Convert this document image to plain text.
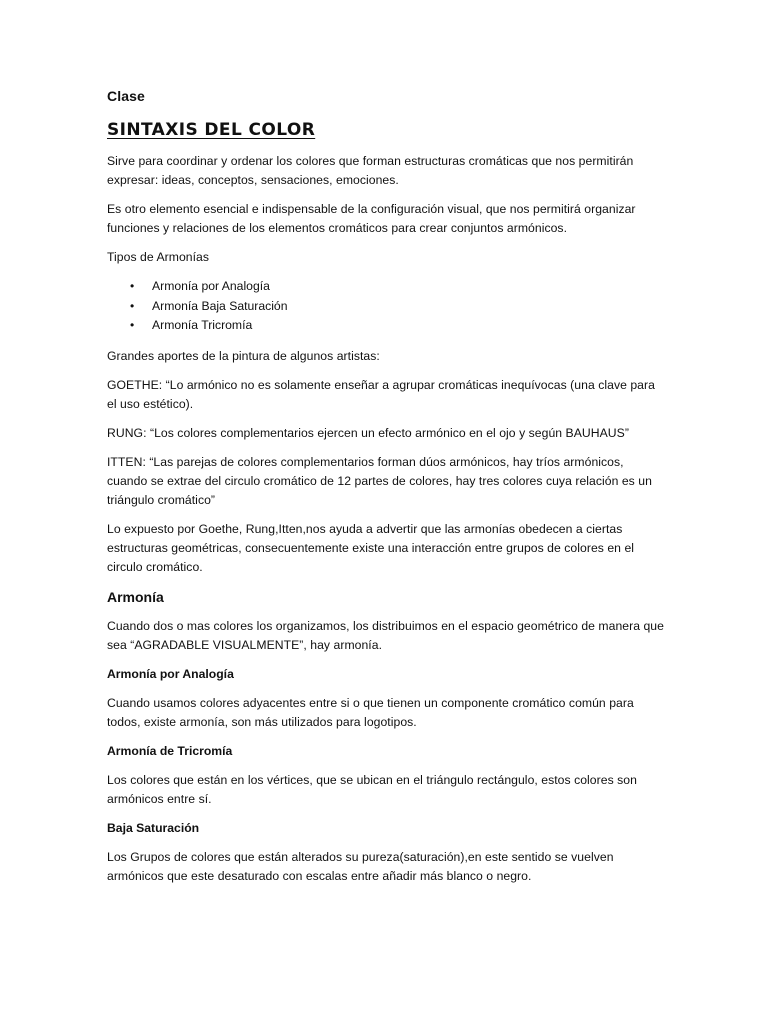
Clase
SINTAXIS DEL COLOR

Sirve para coordinar y ordenar los colores que forman estructuras cromáticas que nos permitirán expresar: ideas, conceptos, sensaciones, emociones.

Es otro elemento esencial e indispensable de la configuración visual, que nos permitirá organizar funciones y relaciones de los elementos cromáticos para crear conjuntos armónicos.

Tipos de Armonías

• Armonía por Analogía
• Armonía Baja Saturación
• Armonía Tricromía

Grandes aportes de la pintura de algunos artistas:

GOETHE: “Lo armónico no es solamente enseñar a agrupar cromáticas inequívocas (una clave para el uso estético).

RUNG: “Los colores complementarios ejercen un efecto armónico en el ojo y según BAUHAUS”

ITTEN: “Las parejas de colores complementarios forman dúos armónicos, hay tríos armónicos, cuando se extrae del circulo cromático de 12 partes de colores, hay tres colores cuya relación es un triángulo cromático”

Lo expuesto por Goethe, Rung,Itten,nos ayuda a advertir que las armonías obedecen a ciertas estructuras geométricas, consecuentemente existe una interacción entre grupos de colores en el circulo cromático.

Armonía

Cuando dos o mas colores los organizamos, los distribuimos en el espacio geométrico de manera que sea “AGRADABLE VISUALMENTE”, hay armonía.

Armonía por Analogía

Cuando usamos colores adyacentes entre si o que tienen un componente cromático común para todos, existe armonía, son más utilizados para logotipos.

Armonía de Tricromía

Los colores que están en los vértices, que se ubican en el triángulo rectángulo, estos colores son armónicos entre sí.

Baja Saturación

Los Grupos de colores que están alterados su pureza(saturación),en este sentido se vuelven armónicos que este desaturado con escalas entre añadir más blanco o negro.
